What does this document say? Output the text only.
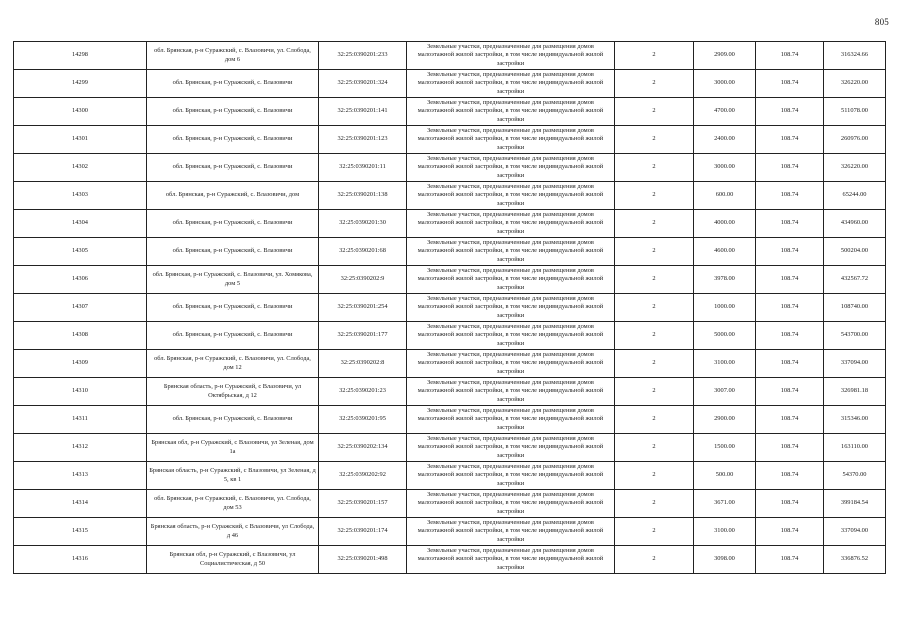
805
14298	обл. Брянская, р-н Суражский, с. Влазовичи, ул. Слобода, дом 6	32:25:0390201:233	Земельные участки, предназначенные для размещения домов малоэтажной жилой застройки, в том числе индивидуальной жилой застройки	2	2909.00	108.74	316324.66
14299	обл. Брянская, р-н Суражский, с. Влазовичи	32:25:0390201:324	Земельные участки, предназначенные для размещения домов малоэтажной жилой застройки, в том числе индивидуальной жилой застройки	2	3000.00	108.74	326220.00
14300	обл. Брянская, р-н Суражский, с. Влазовичи	32:25:0390201:141	Земельные участки, предназначенные для размещения домов малоэтажной жилой застройки, в том числе индивидуальной жилой застройки	2	4700.00	108.74	511078.00
14301	обл. Брянская, р-н Суражский, с. Влазовичи	32:25:0390201:123	Земельные участки, предназначенные для размещения домов малоэтажной жилой застройки, в том числе индивидуальной жилой застройки	2	2400.00	108.74	260976.00
14302	обл. Брянская, р-н Суражский, с. Влазовичи	32:25:0390201:11	Земельные участки, предназначенные для размещения домов малоэтажной жилой застройки, в том числе индивидуальной жилой застройки	2	3000.00	108.74	326220.00
14303	обл. Брянская, р-н Суражский, с. Влазовичи, дом	32:25:0390201:138	Земельные участки, предназначенные для размещения домов малоэтажной жилой застройки, в том числе индивидуальной жилой застройки	2	600.00	108.74	65244.00
14304	обл. Брянская, р-н Суражский, с. Влазовичи	32:25:0390201:30	Земельные участки, предназначенные для размещения домов малоэтажной жилой застройки, в том числе индивидуальной жилой застройки	2	4000.00	108.74	434960.00
14305	обл. Брянская, р-н Суражский, с. Влазовичи	32:25:0390201:68	Земельные участки, предназначенные для размещения домов малоэтажной жилой застройки, в том числе индивидуальной жилой застройки	2	4600.00	108.74	500204.00
14306	обл. Брянская, р-н Суражский, с. Влазовичи, ул. Хомякова, дом 5	32:25:0390202:9	Земельные участки, предназначенные для размещения домов малоэтажной жилой застройки, в том числе индивидуальной жилой застройки	2	3978.00	108.74	432567.72
14307	обл. Брянская, р-н Суражский, с. Влазовичи	32:25:0390201:254	Земельные участки, предназначенные для размещения домов малоэтажной жилой застройки, в том числе индивидуальной жилой застройки	2	1000.00	108.74	108740.00
14308	обл. Брянская, р-н Суражский, с. Влазовичи	32:25:0390201:177	Земельные участки, предназначенные для размещения домов малоэтажной жилой застройки, в том числе индивидуальной жилой застройки	2	5000.00	108.74	543700.00
14309	обл. Брянская, р-н Суражский, с. Влазовичи, ул. Слобода, дом 12	32:25:0390202:8	Земельные участки, предназначенные для размещения домов малоэтажной жилой застройки, в том числе индивидуальной жилой застройки	2	3100.00	108.74	337094.00
14310	Брянская область, р-н Суражский, с Влазовичи, ул Октябрьская, д 12	32:25:0390201:23	Земельные участки, предназначенные для размещения домов малоэтажной жилой застройки, в том числе индивидуальной жилой застройки	2	3007.00	108.74	326981.18
14311	обл. Брянская, р-н Суражский, с. Влазовичи	32:25:0390201:95	Земельные участки, предназначенные для размещения домов малоэтажной жилой застройки, в том числе индивидуальной жилой застройки	2	2900.00	108.74	315346.00
14312	Брянская обл, р-н Суражский, с Влазовичи, ул Зеленая, дом 1а	32:25:0390202:134	Земельные участки, предназначенные для размещения домов малоэтажной жилой застройки, в том числе индивидуальной жилой застройки	2	1500.00	108.74	163110.00
14313	Брянская область, р-н Суражский, с Влазовичи, ул Зеленая, д 5, кв 1	32:25:0390202:92	Земельные участки, предназначенные для размещения домов малоэтажной жилой застройки, в том числе индивидуальной жилой застройки	2	500.00	108.74	54370.00
14314	обл. Брянская, р-н Суражский, с. Влазовичи, ул. Слобода, дом 53	32:25:0390201:157	Земельные участки, предназначенные для размещения домов малоэтажной жилой застройки, в том числе индивидуальной жилой застройки	2	3671.00	108.74	399184.54
14315	Брянская область, р-н Суражский, с Влазовичи, ул Слобода, д 46	32:25:0390201:174	Земельные участки, предназначенные для размещения домов малоэтажной жилой застройки, в том числе индивидуальной жилой застройки	2	3100.00	108.74	337094.00
14316	Брянская обл, р-н Суражский, с Влазовичи, ул Социалистическая, д 50	32:25:0390201:498	Земельные участки, предназначенные для размещения домов малоэтажной жилой застройки, в том числе индивидуальной жилой застройки	2	3098.00	108.74	336876.52
